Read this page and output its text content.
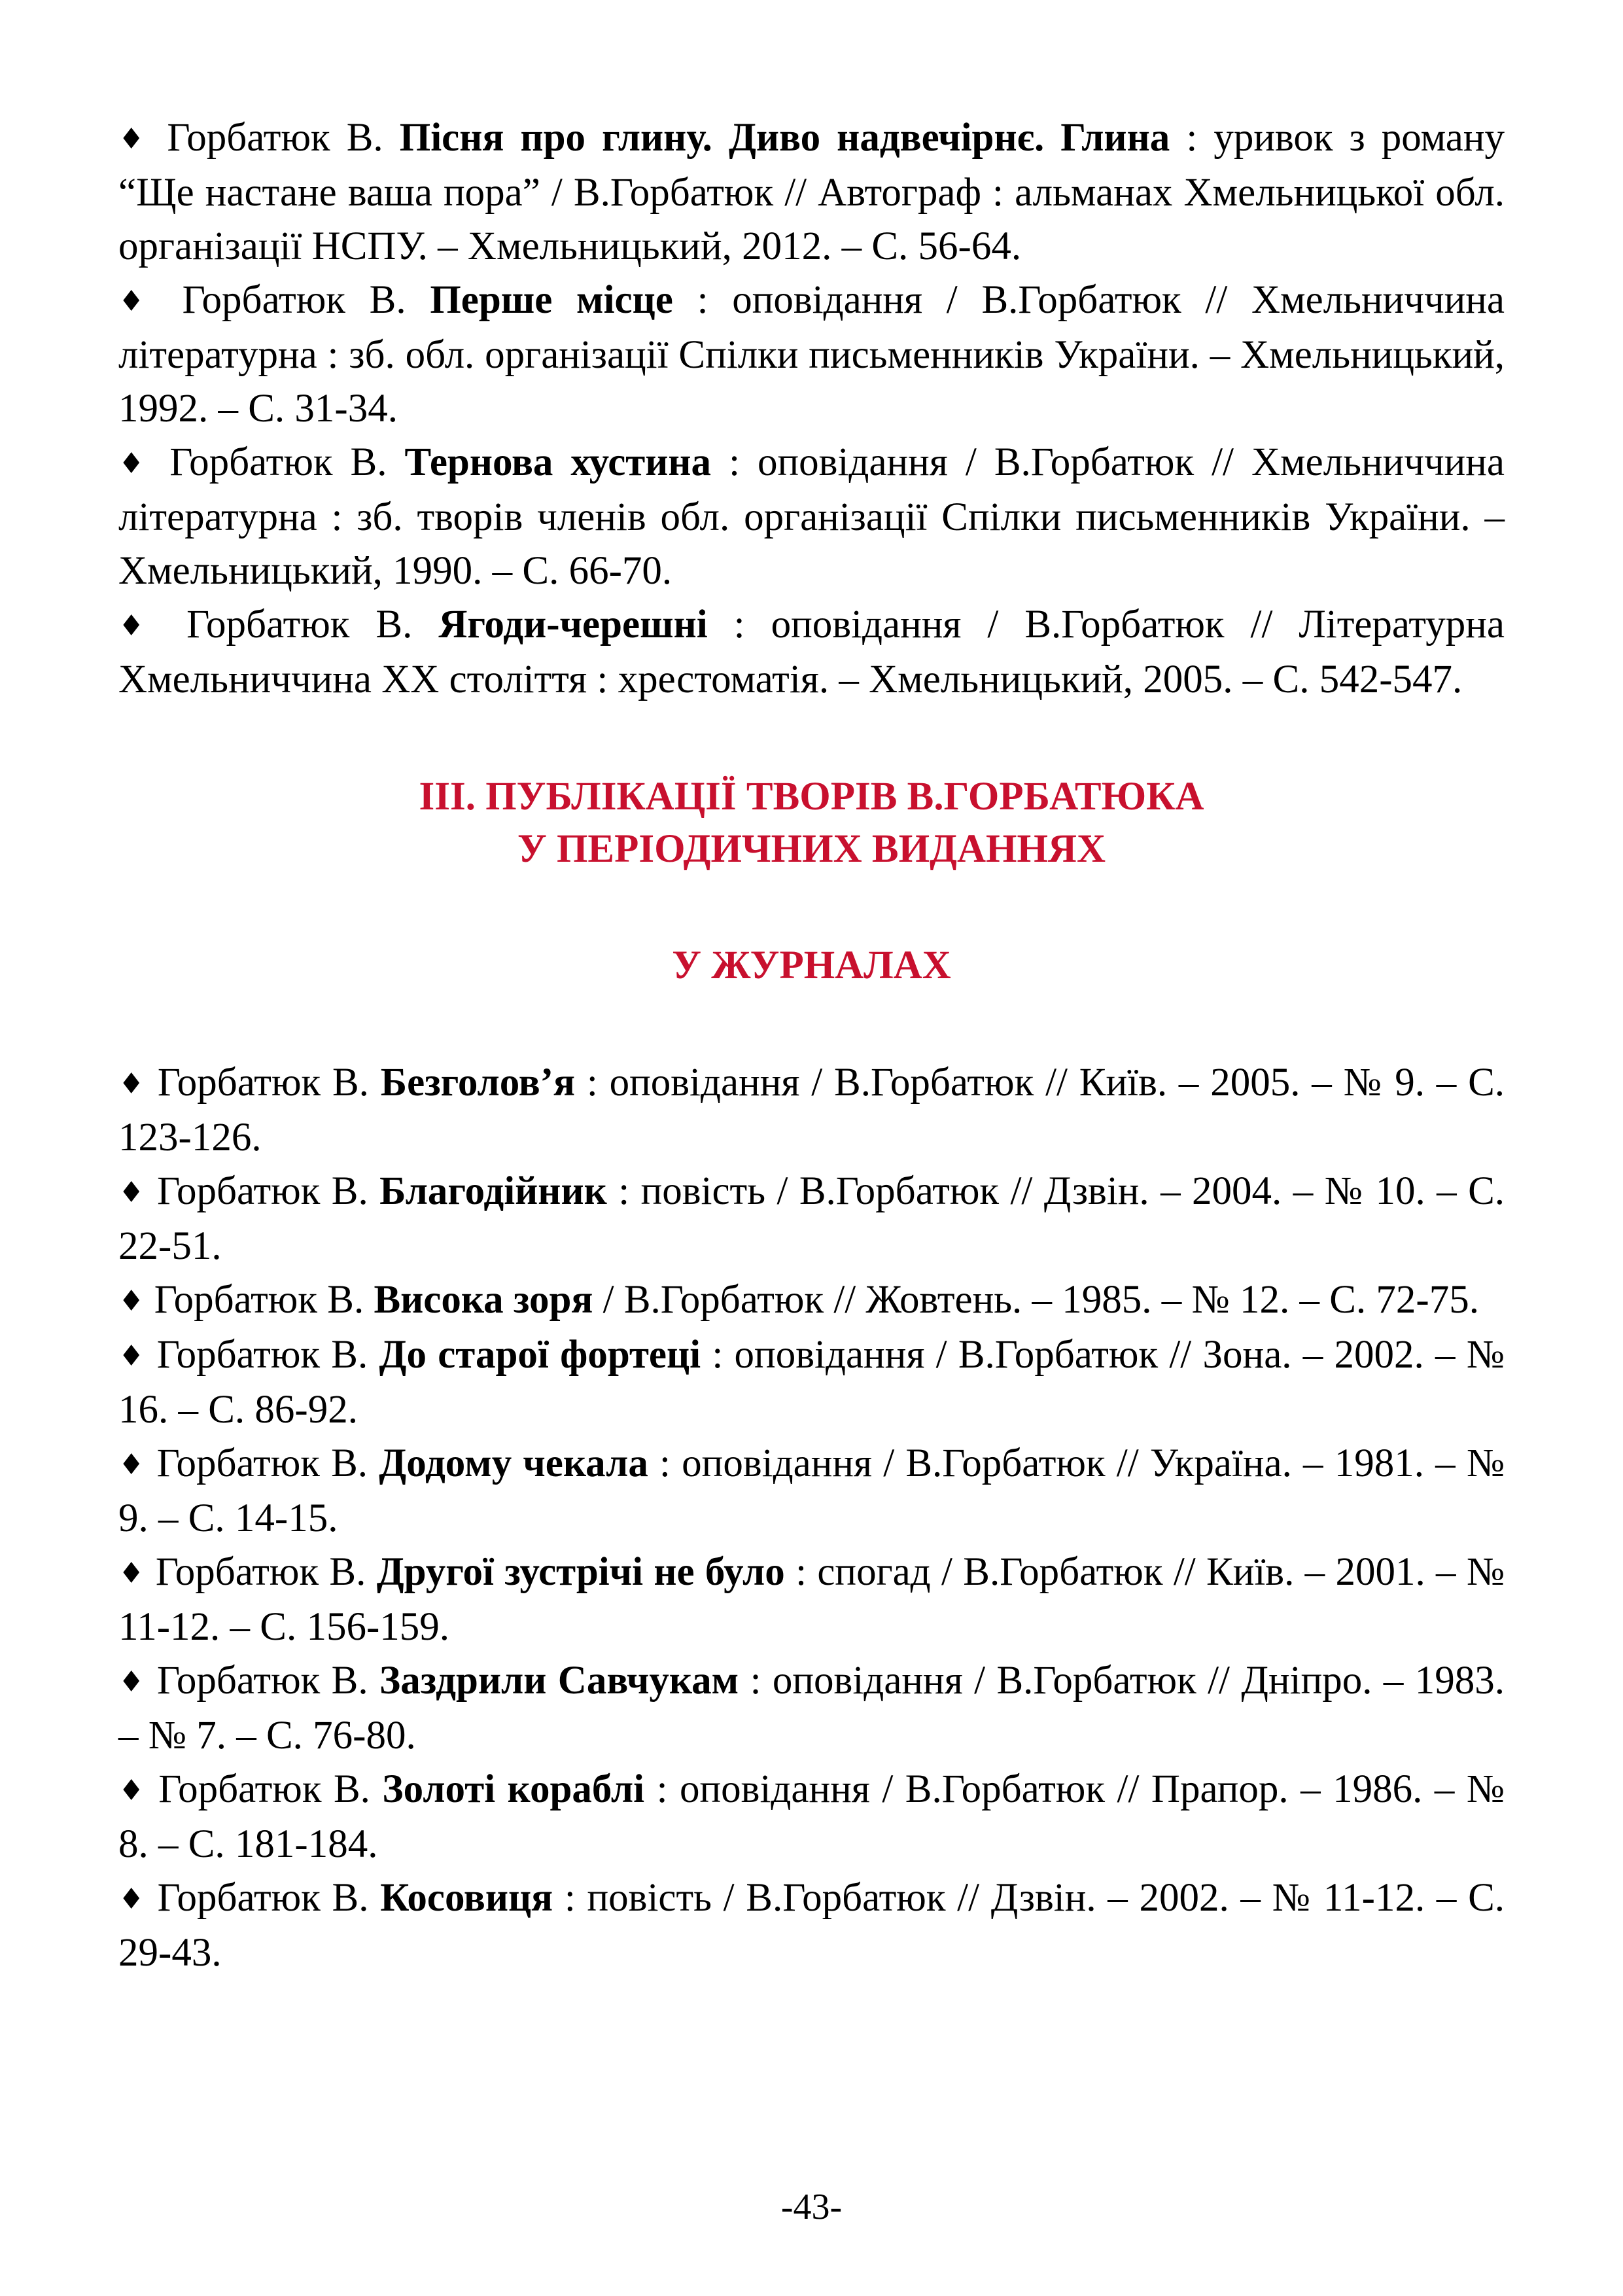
♦ Горбатюк В. Пісня про глину. Диво надвечірнє. Глина : уривок з роману “Ще настане ваша пора” / В.Горбатюк // Автограф : альманах Хмельницької обл. організації НСПУ. – Хмельницький, 2012. – С. 56-64.

♦ Горбатюк В. Перше місце : оповідання / В.Горбатюк // Хмельниччина літературна : зб. обл. організації Спілки письменників України. – Хмельницький, 1992. – С. 31-34.

♦ Горбатюк В. Тернова хустина : оповідання / В.Горбатюк // Хмельниччина літературна : зб. творів членів обл. організації Спілки письменників України. – Хмельницький, 1990. – С. 66-70.

♦ Горбатюк В. Ягоди-черешні : оповідання / В.Горбатюк // Літературна Хмельниччина XX століття : хрестоматія. – Хмельницький, 2005. – С. 542-547.

ІІІ. ПУБЛІКАЦІЇ ТВОРІВ В.ГОРБАТЮКА
У ПЕРІОДИЧНИХ ВИДАННЯХ
У ЖУРНАЛАХ

♦ Горбатюк В. Безголов’я : оповідання / В.Горбатюк // Київ. – 2005. – № 9. – С. 123-126.

♦ Горбатюк В. Благодійник : повість / В.Горбатюк // Дзвін. – 2004. – № 10. – С. 22-51.

♦ Горбатюк В. Висока зоря / В.Горбатюк // Жовтень. – 1985. – № 12. – С. 72-75.

♦ Горбатюк В. До старої фортеці : оповідання / В.Горбатюк // Зона. – 2002. – № 16. – С. 86-92.

♦ Горбатюк В. Додому чекала : оповідання / В.Горбатюк // Україна. – 1981. – № 9. – С. 14-15.

♦ Горбатюк В. Другої зустрічі не було : спогад / В.Горбатюк // Київ. – 2001. – № 11-12. – С. 156-159.

♦ Горбатюк В. Заздрили Савчукам : оповідання / В.Горбатюк // Дніпро. – 1983. – № 7. – С. 76-80.

♦ Горбатюк В. Золоті кораблі : оповідання / В.Горбатюк // Прапор. – 1986. – № 8. – С. 181-184.

♦ Горбатюк В. Косовиця : повість / В.Горбатюк // Дзвін. – 2002. – № 11-12. – С. 29-43.

-43-
